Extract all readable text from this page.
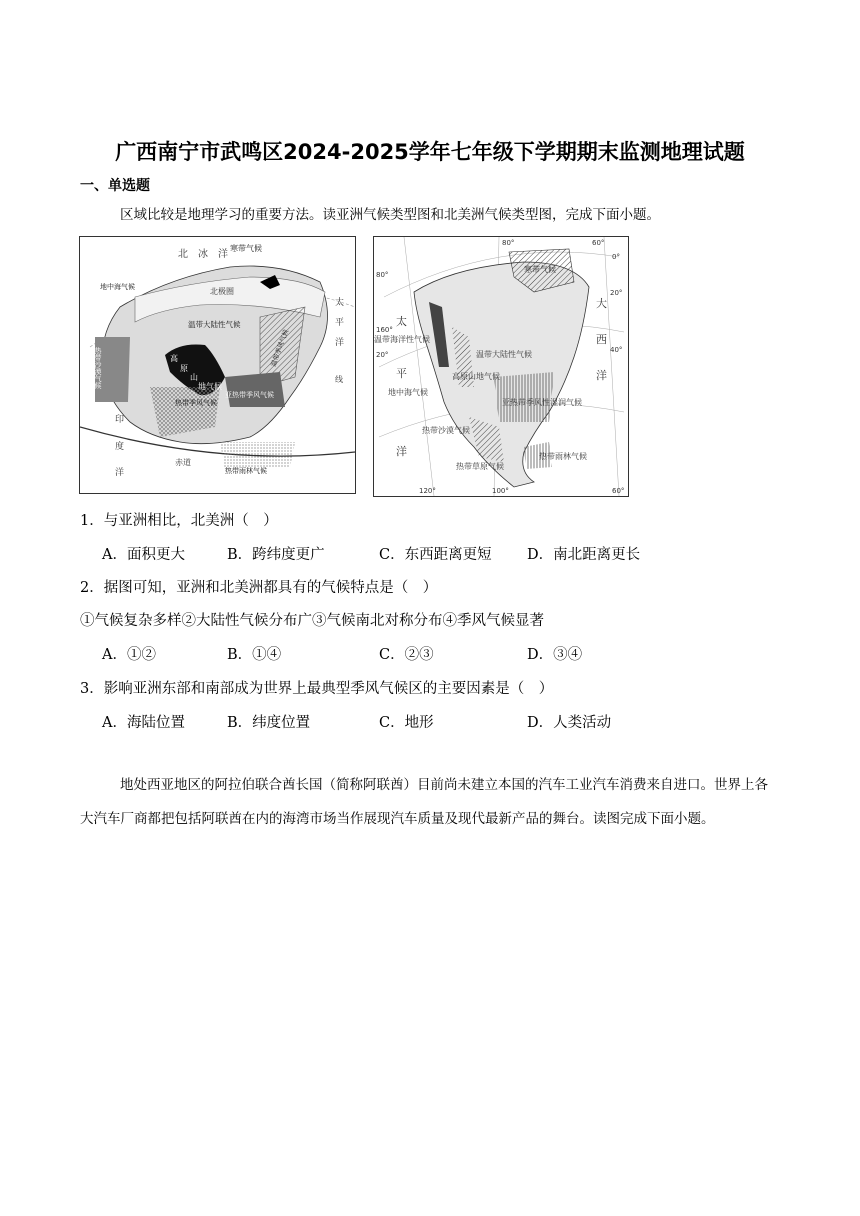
广西南宁市武鸣区2024-2025学年七年级下学期期末监测地理试题
一、单选题
区域比较是地理学习的重要方法。读亚洲气候类型图和北美洲气候类型图，完成下面小题。
北　冰　洋
寒带气候
北极圈
地中海气候
温带大陆性气候
温带季风气候
热带沙漠气候	高
原
山
地气候
亚热带季风气候
热带季风气候
热带雨林气候
太
平
洋
线
印
度
洋
赤道
80°	60°
80°
0°
20°
40°
160°
20°
120°	100°	60°
寒带气候
太
平
洋
大
西
洋
温带海洋性气候
温带大陆性气候
高原山地气候
地中海气候
亚热带季风性湿润气候
热带沙漠气候
热带雨林气候
热带草原气候
1．与亚洲相比，北美洲（　）
A．面积更大	B．跨纬度更广	C．东西距离更短 D．南北距离更长
2．据图可知，亚洲和北美洲都具有的气候特点是（　）
①气候复杂多样②大陆性气候分布广③气候南北对称分布④季风气候显著
A．①②	B．①④	C．②③	D．③④
3．影响亚洲东部和南部成为世界上最典型季风气候区的主要因素是（　）
A．海陆位置	B．纬度位置	C．地形	D．人类活动
地处西亚地区的阿拉伯联合酋长国（简称阿联酋）目前尚未建立本国的汽车工业汽车消费来自进口。世界上各大汽车厂商都把包括阿联酋在内的海湾市场当作展现汽车质量及现代最新产品的舞台。读图完成下面小题。
